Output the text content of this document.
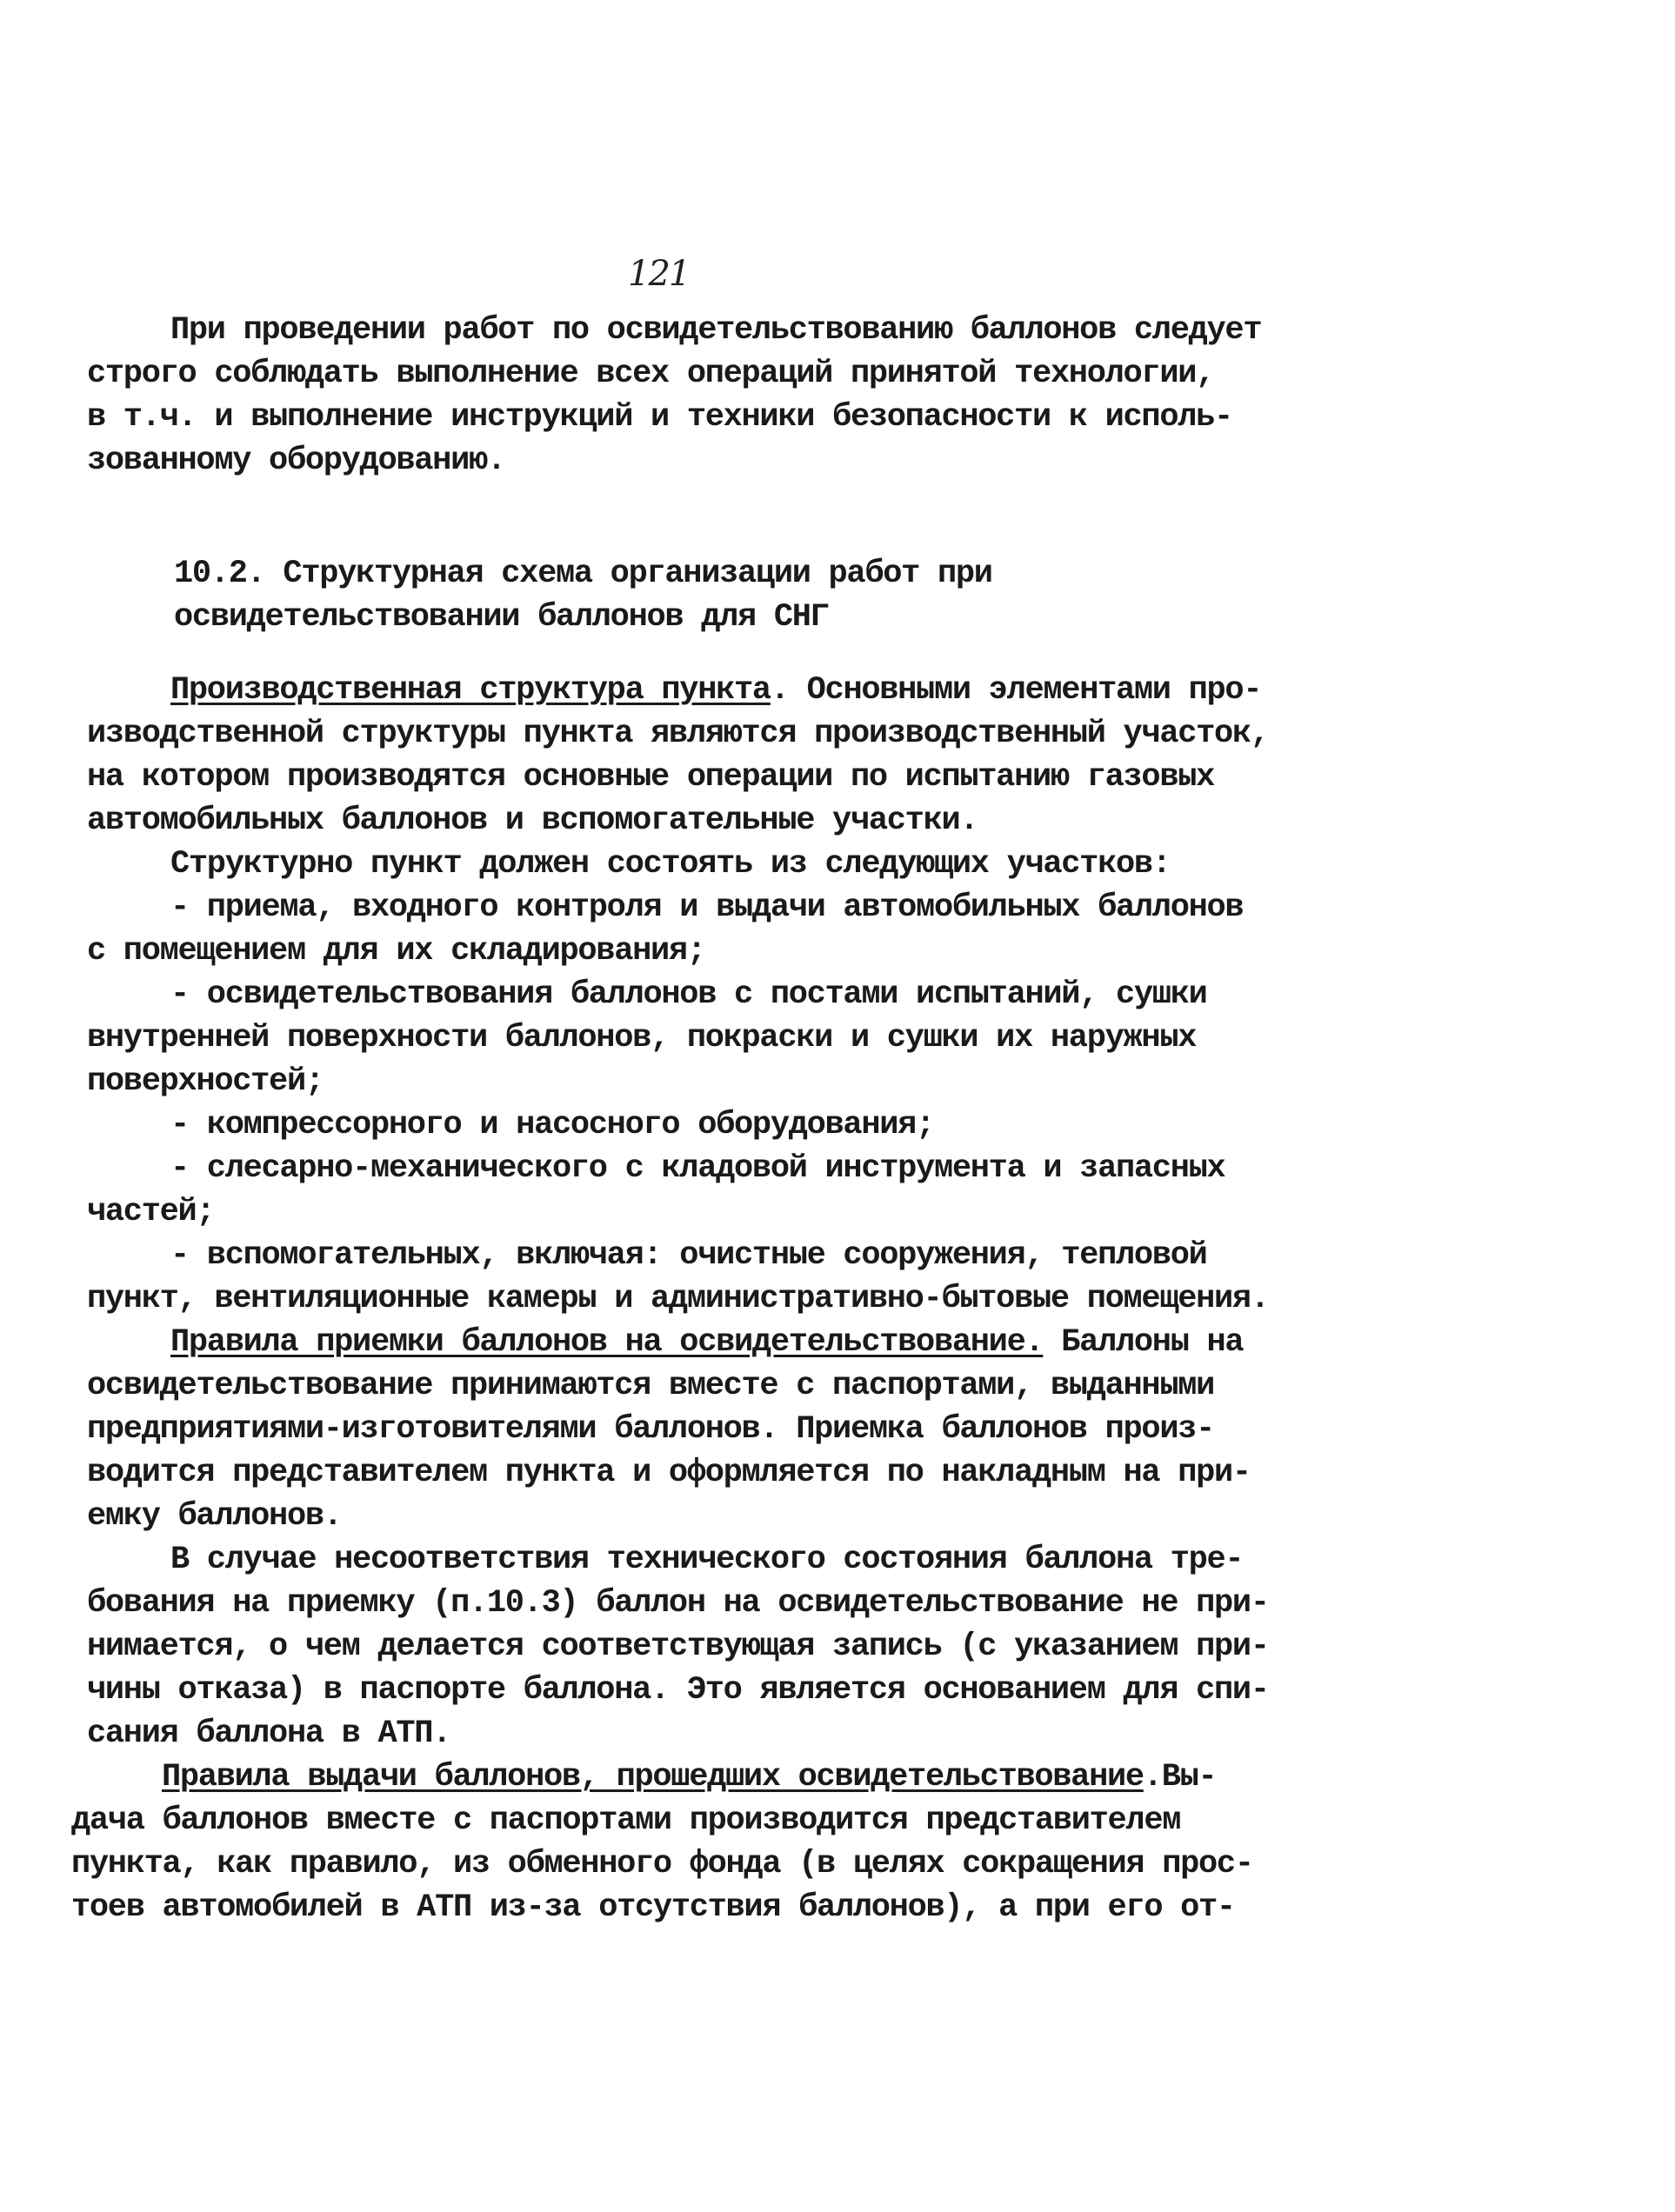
121
При проведении работ по освидетельствованию баллонов следует
строго соблюдать выполнение всех операций принятой технологии,
в т.ч. и выполнение инструкций и техники безопасности к исполь-
зованному оборудованию.
10.2. Структурная схема организации работ при
освидетельствовании баллонов для СНГ
Производственная структура пункта. Основными элементами про-
изводственной структуры пункта являются производственный участок,
на котором производятся основные операции по испытанию газовых
автомобильных баллонов и вспомогательные участки.
Структурно пункт должен состоять из следующих участков:
- приема, входного контроля и выдачи автомобильных баллонов
с помещением для их складирования;
- освидетельствования баллонов с постами испытаний, сушки
внутренней поверхности баллонов, покраски и сушки их наружных
поверхностей;
- компрессорного и насосного оборудования;
- слесарно-механического с кладовой инструмента и запасных
частей;
- вспомогательных, включая: очистные сооружения, тепловой
пункт, вентиляционные камеры и административно-бытовые помещения.
Правила приемки баллонов на освидетельствование. Баллоны на
освидетельствование принимаются вместе с паспортами, выданными
предприятиями-изготовителями баллонов. Приемка баллонов произ-
водится представителем пункта и оформляется по накладным на при-
емку баллонов.
В случае несоответствия технического состояния баллона тре-
бования на приемку (п.10.3) баллон на освидетельствование не при-
нимается, о чем делается соответствующая запись (с указанием при-
чины отказа) в паспорте баллона. Это является основанием для спи-
сания баллона в АТП.
Правила выдачи баллонов, прошедших освидетельствование.Вы-
дача баллонов вместе с паспортами производится представителем
пункта, как правило, из обменного фонда (в целях сокращения прос-
тоев автомобилей в АТП из-за отсутствия баллонов), а при его от-
